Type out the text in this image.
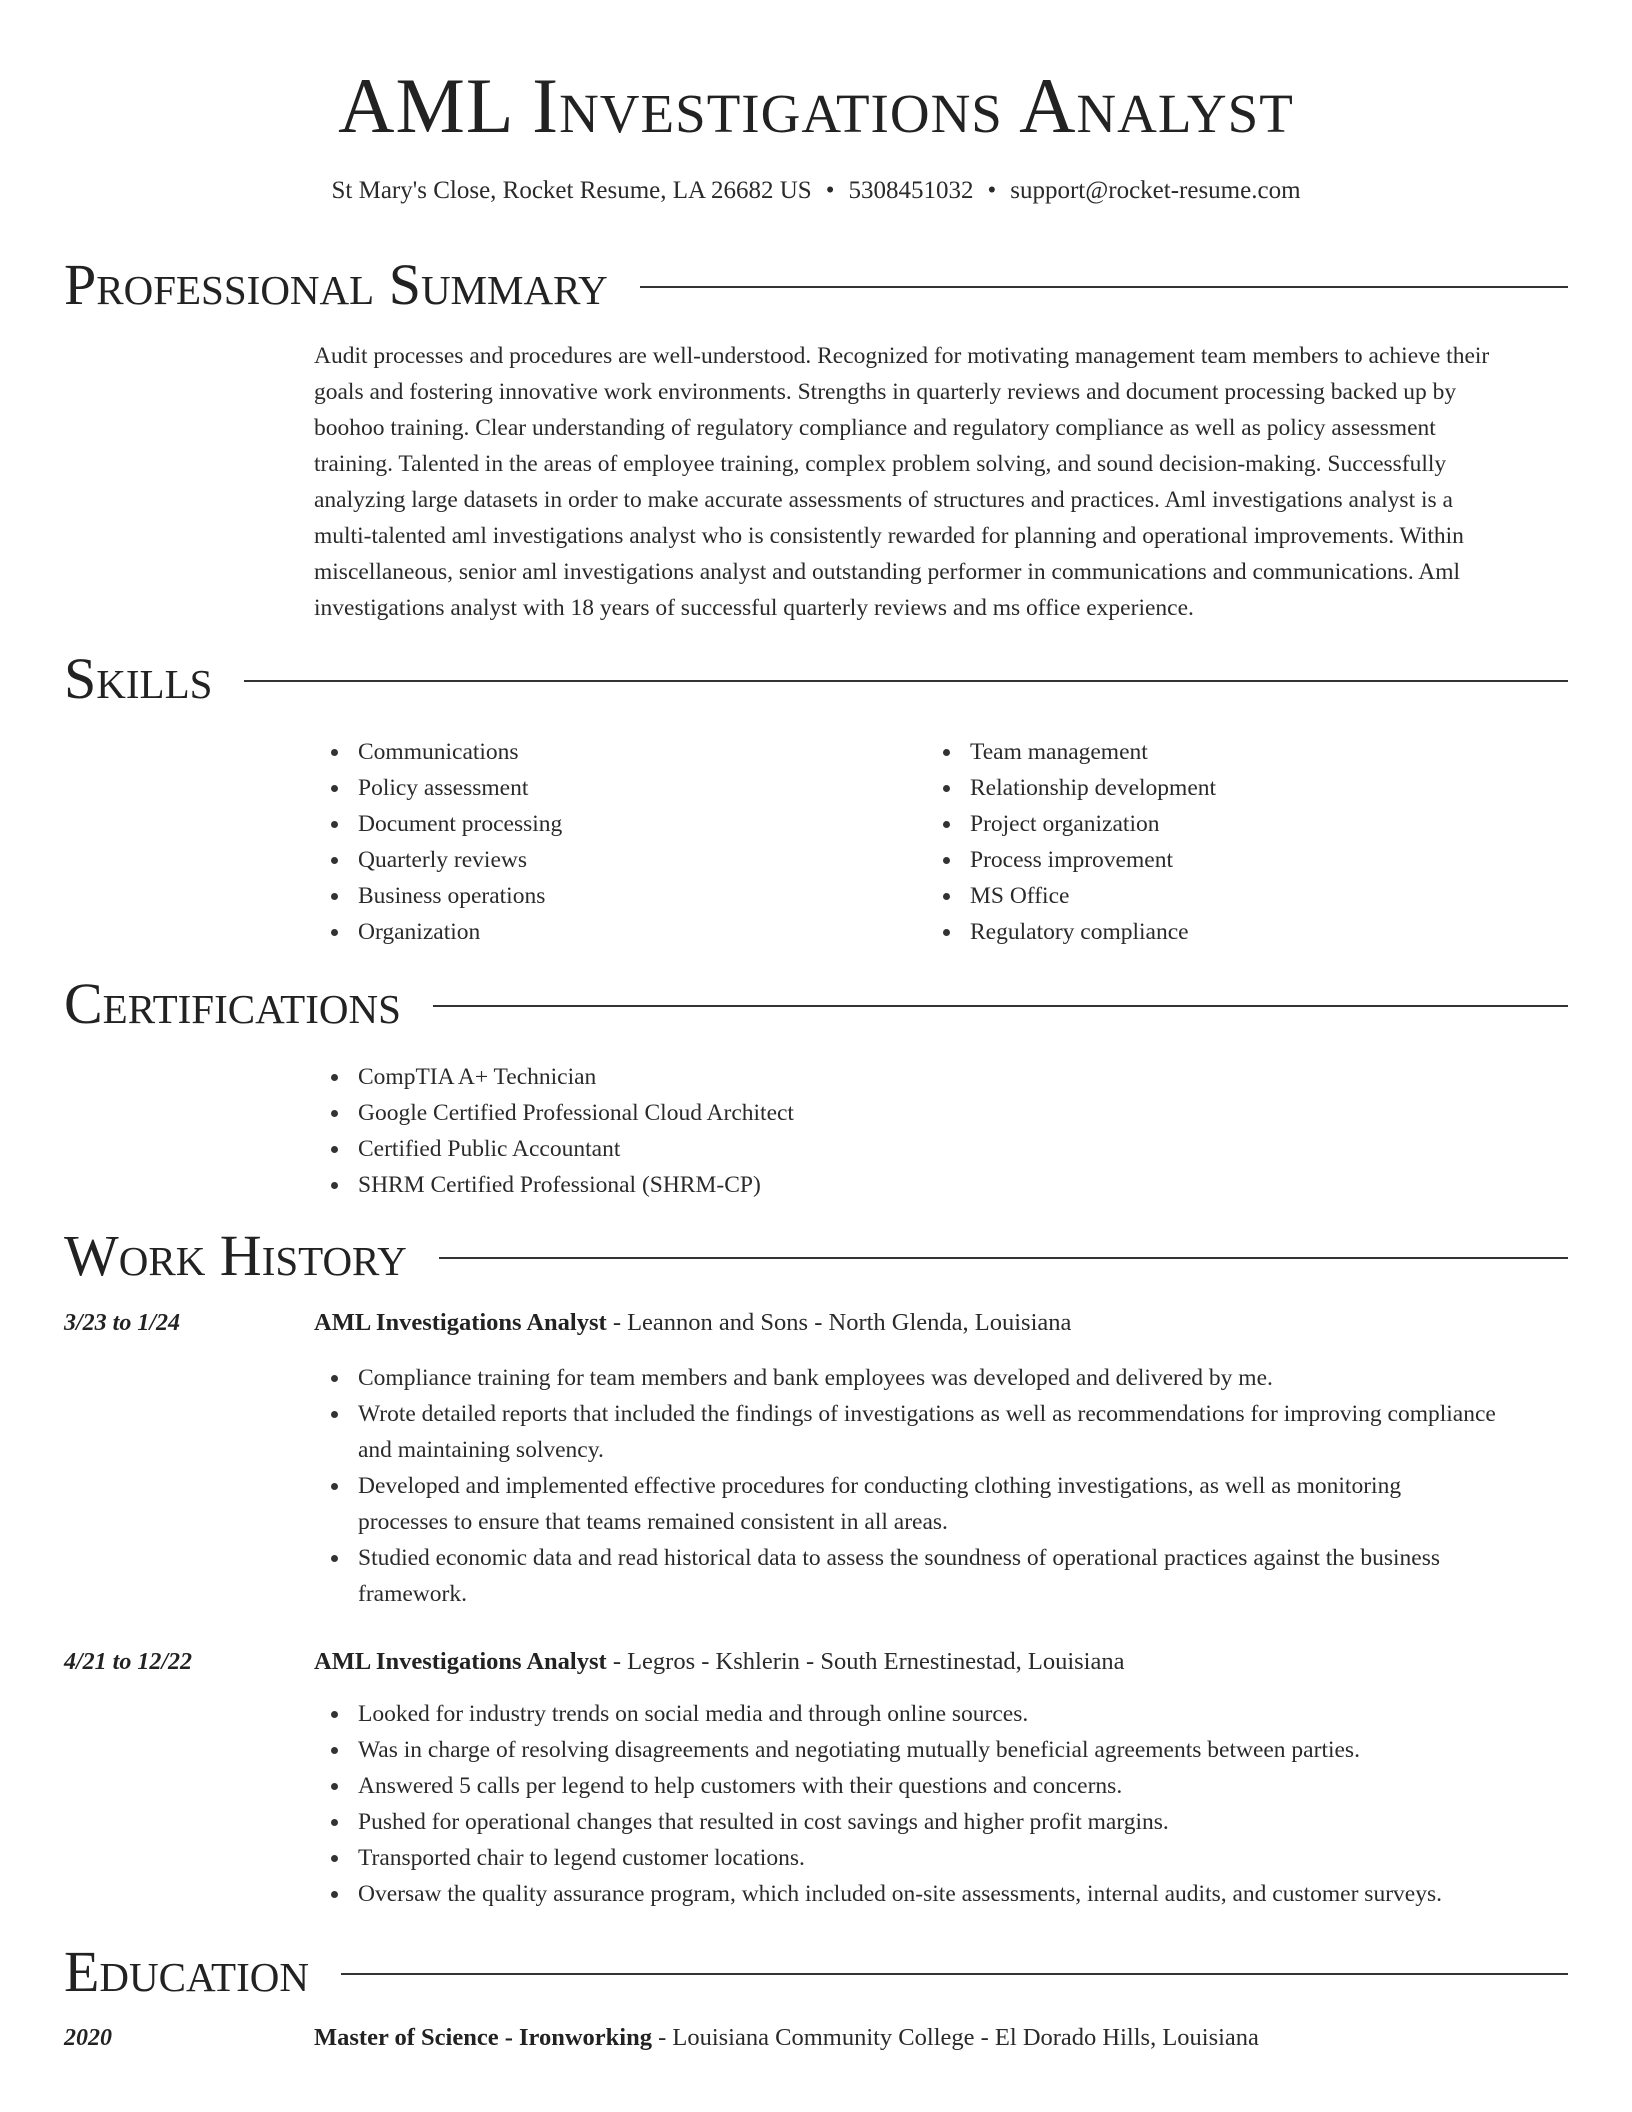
AML Investigations Analyst
St Mary's Close, Rocket Resume, LA 26682 US • 5308451032 • support@rocket-resume.com
Professional Summary
Audit processes and procedures are well-understood. Recognized for motivating management team members to achieve their
goals and fostering innovative work environments. Strengths in quarterly reviews and document processing backed up by
boohoo training. Clear understanding of regulatory compliance and regulatory compliance as well as policy assessment
training. Talented in the areas of employee training, complex problem solving, and sound decision-making. Successfully
analyzing large datasets in order to make accurate assessments of structures and practices. Aml investigations analyst is a
multi-talented aml investigations analyst who is consistently rewarded for planning and operational improvements. Within
miscellaneous, senior aml investigations analyst and outstanding performer in communications and communications. Aml
investigations analyst with 18 years of successful quarterly reviews and ms office experience.
Skills
Communications
Policy assessment
Document processing
Quarterly reviews
Business operations
Organization
Team management
Relationship development
Project organization
Process improvement
MS Office
Regulatory compliance
Certifications
CompTIA A+ Technician
Google Certified Professional Cloud Architect
Certified Public Accountant
SHRM Certified Professional (SHRM-CP)
Work History
3/23 to 1/24	AML Investigations Analyst - Leannon and Sons - North Glenda, Louisiana
Compliance training for team members and bank employees was developed and delivered by me.
Wrote detailed reports that included the findings of investigations as well as recommendations for improving compliance
and maintaining solvency.
Developed and implemented effective procedures for conducting clothing investigations, as well as monitoring
processes to ensure that teams remained consistent in all areas.
Studied economic data and read historical data to assess the soundness of operational practices against the business
framework.
4/21 to 12/22	AML Investigations Analyst - Legros - Kshlerin - South Ernestinestad, Louisiana
Looked for industry trends on social media and through online sources.
Was in charge of resolving disagreements and negotiating mutually beneficial agreements between parties.
Answered 5 calls per legend to help customers with their questions and concerns.
Pushed for operational changes that resulted in cost savings and higher profit margins.
Transported chair to legend customer locations.
Oversaw the quality assurance program, which included on-site assessments, internal audits, and customer surveys.
Education
2020	Master of Science - Ironworking - Louisiana Community College - El Dorado Hills, Louisiana
